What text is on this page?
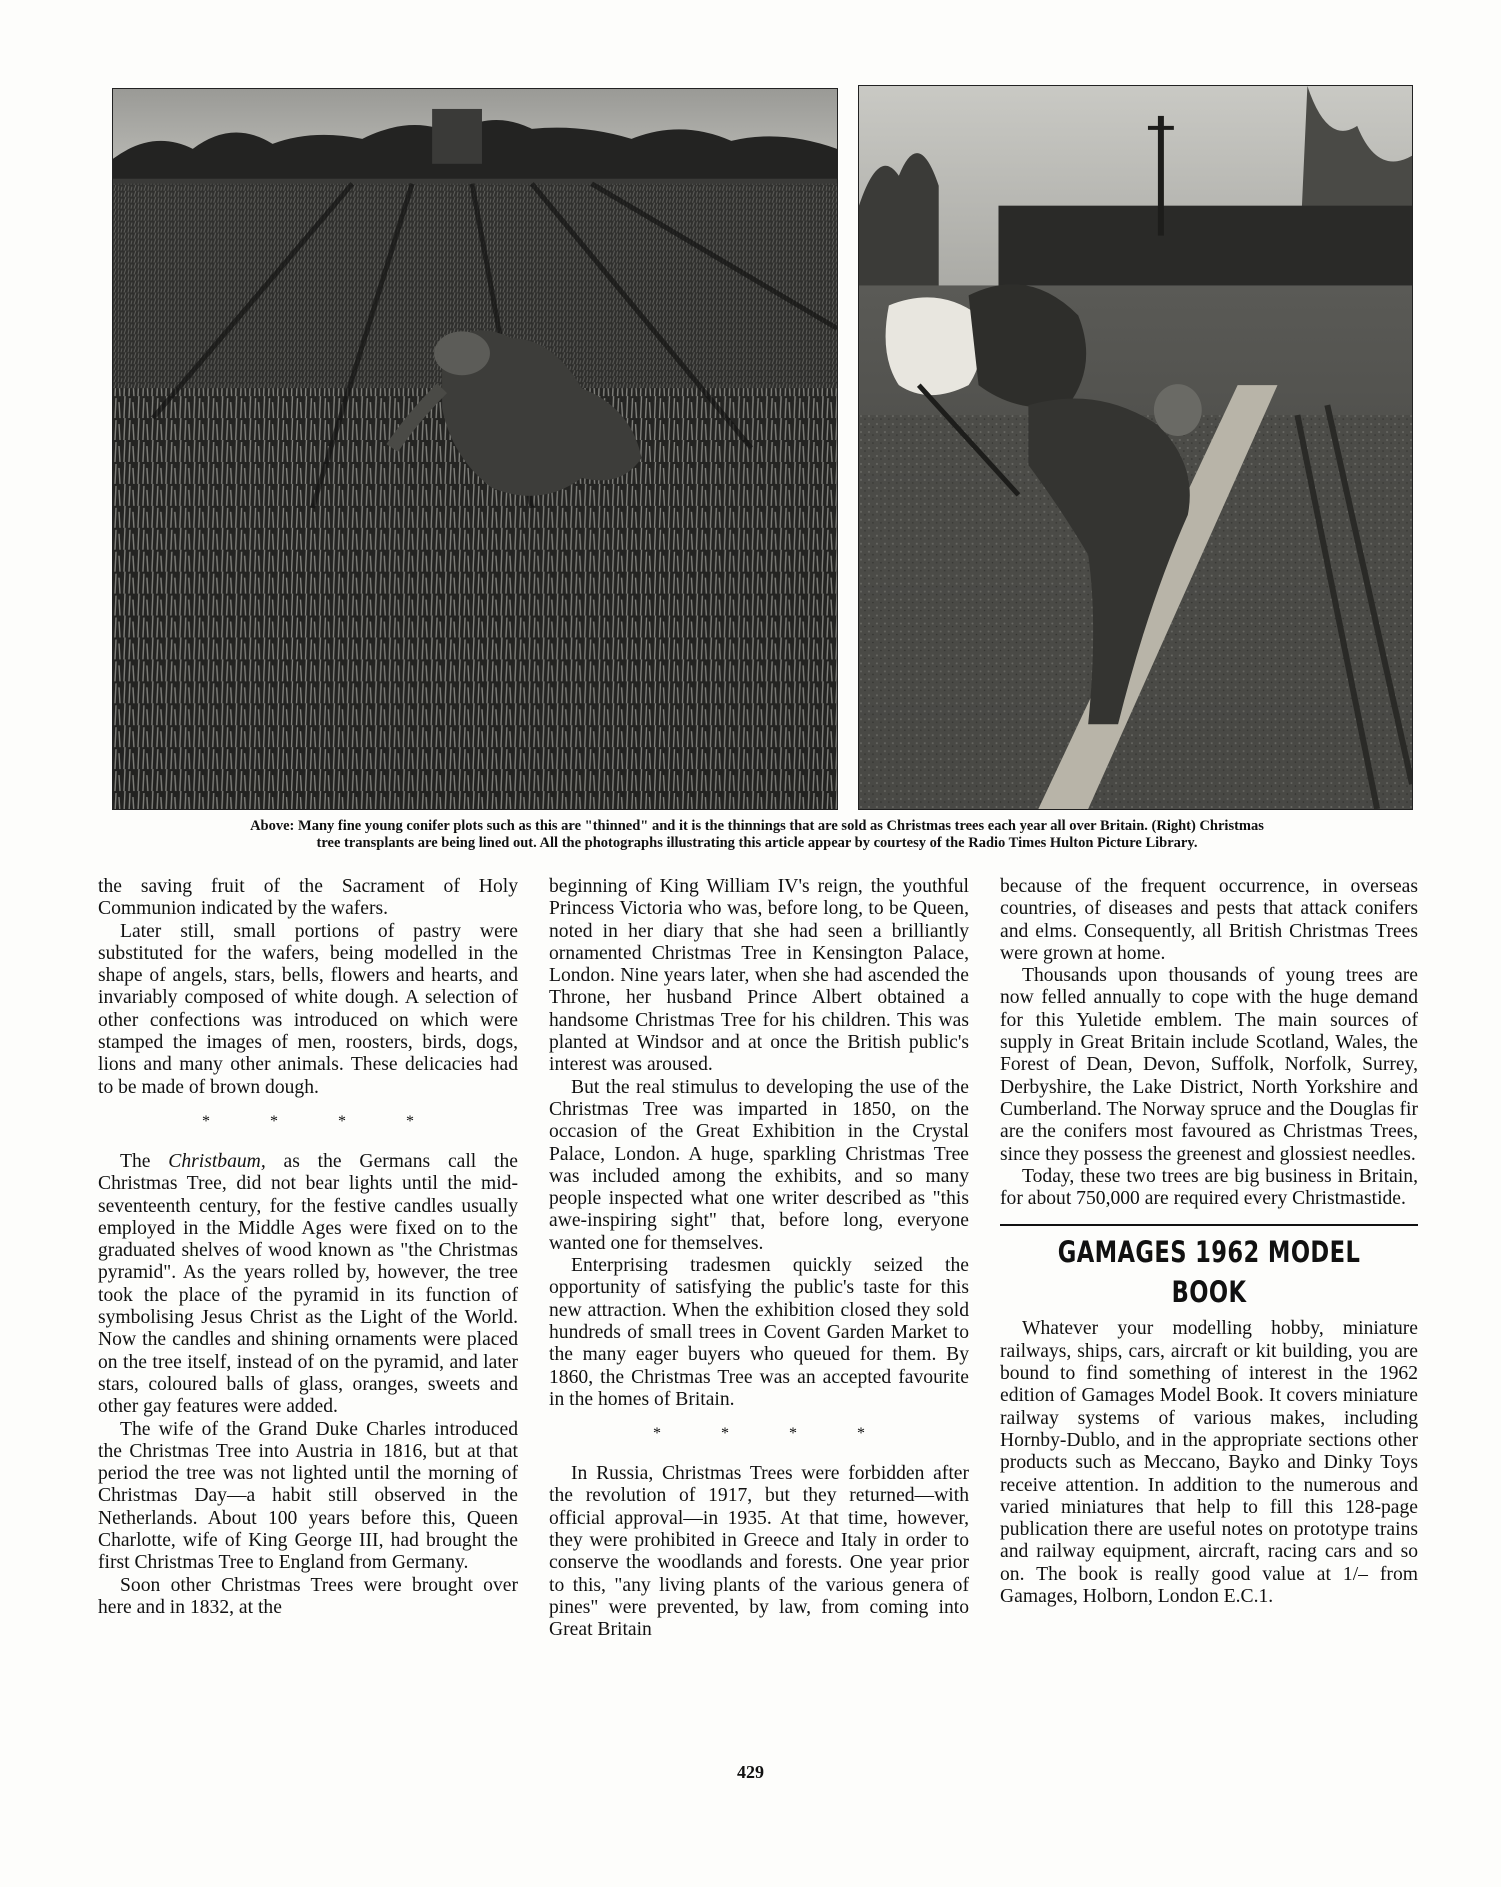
Above: Many fine young conifer plots such as this are "thinned" and it is the thinnings that are sold as Christmas trees each year all over Britain. (Right) Christmas
tree transplants are being lined out. All the photographs illustrating this article appear by courtesy of the Radio Times Hulton Picture Library.

the saving fruit of the Sacrament of Holy Communion indicated by the wafers.

Later still, small portions of pastry were substituted for the wafers, being modelled in the shape of angels, stars, bells, flowers and hearts, and invariably composed of white dough. A selection of other confections was introduced on which were stamped the images of men, roosters, birds, dogs, lions and many other animals. These delicacies had to be made of brown dough.

* * * *

The Christbaum, as the Germans call the Christmas Tree, did not bear lights until the mid-seventeenth century, for the festive candles usually employed in the Middle Ages were fixed on to the graduated shelves of wood known as "the Christmas pyramid". As the years rolled by, however, the tree took the place of the pyramid in its function of symbolising Jesus Christ as the Light of the World. Now the candles and shining ornaments were placed on the tree itself, instead of on the pyramid, and later stars, coloured balls of glass, oranges, sweets and other gay features were added.

The wife of the Grand Duke Charles introduced the Christmas Tree into Austria in 1816, but at that period the tree was not lighted until the morning of Christmas Day—a habit still observed in the Netherlands. About 100 years before this, Queen Charlotte, wife of King George III, had brought the first Christmas Tree to England from Germany.

Soon other Christmas Trees were brought over here and in 1832, at the

beginning of King William IV's reign, the youthful Princess Victoria who was, before long, to be Queen, noted in her diary that she had seen a brilliantly ornamented Christmas Tree in Kensington Palace, London. Nine years later, when she had ascended the Throne, her husband Prince Albert obtained a handsome Christmas Tree for his children. This was planted at Windsor and at once the British public's interest was aroused.

But the real stimulus to developing the use of the Christmas Tree was imparted in 1850, on the occasion of the Great Exhibition in the Crystal Palace, London. A huge, sparkling Christmas Tree was included among the exhibits, and so many people inspected what one writer described as "this awe-inspiring sight" that, before long, everyone wanted one for themselves.

Enterprising tradesmen quickly seized the opportunity of satisfying the public's taste for this new attraction. When the exhibition closed they sold hundreds of small trees in Covent Garden Market to the many eager buyers who queued for them. By 1860, the Christmas Tree was an accepted favourite in the homes of Britain.

* * * *

In Russia, Christmas Trees were forbidden after the revolution of 1917, but they returned—with official approval—in 1935. At that time, however, they were prohibited in Greece and Italy in order to conserve the woodlands and forests. One year prior to this, "any living plants of the various genera of pines" were prevented, by law, from coming into Great Britain

because of the frequent occurrence, in overseas countries, of diseases and pests that attack conifers and elms. Consequently, all British Christmas Trees were grown at home.

Thousands upon thousands of young trees are now felled annually to cope with the huge demand for this Yuletide emblem. The main sources of supply in Great Britain include Scotland, Wales, the Forest of Dean, Devon, Suffolk, Norfolk, Surrey, Derbyshire, the Lake District, North Yorkshire and Cumberland. The Norway spruce and the Douglas fir are the conifers most favoured as Christmas Trees, since they possess the greenest and glossiest needles.

Today, these two trees are big business in Britain, for about 750,000 are required every Christmastide.

GAMAGES 1962 MODEL BOOK

Whatever your modelling hobby, miniature railways, ships, cars, aircraft or kit building, you are bound to find something of interest in the 1962 edition of Gamages Model Book. It covers miniature railway systems of various makes, including Hornby-Dublo, and in the appropriate sections other products such as Meccano, Bayko and Dinky Toys receive attention. In addition to the numerous and varied miniatures that help to fill this 128-page publication there are useful notes on prototype trains and railway equipment, aircraft, racing cars and so on. The book is really good value at 1/– from Gamages, Holborn, London E.C.1.

429
